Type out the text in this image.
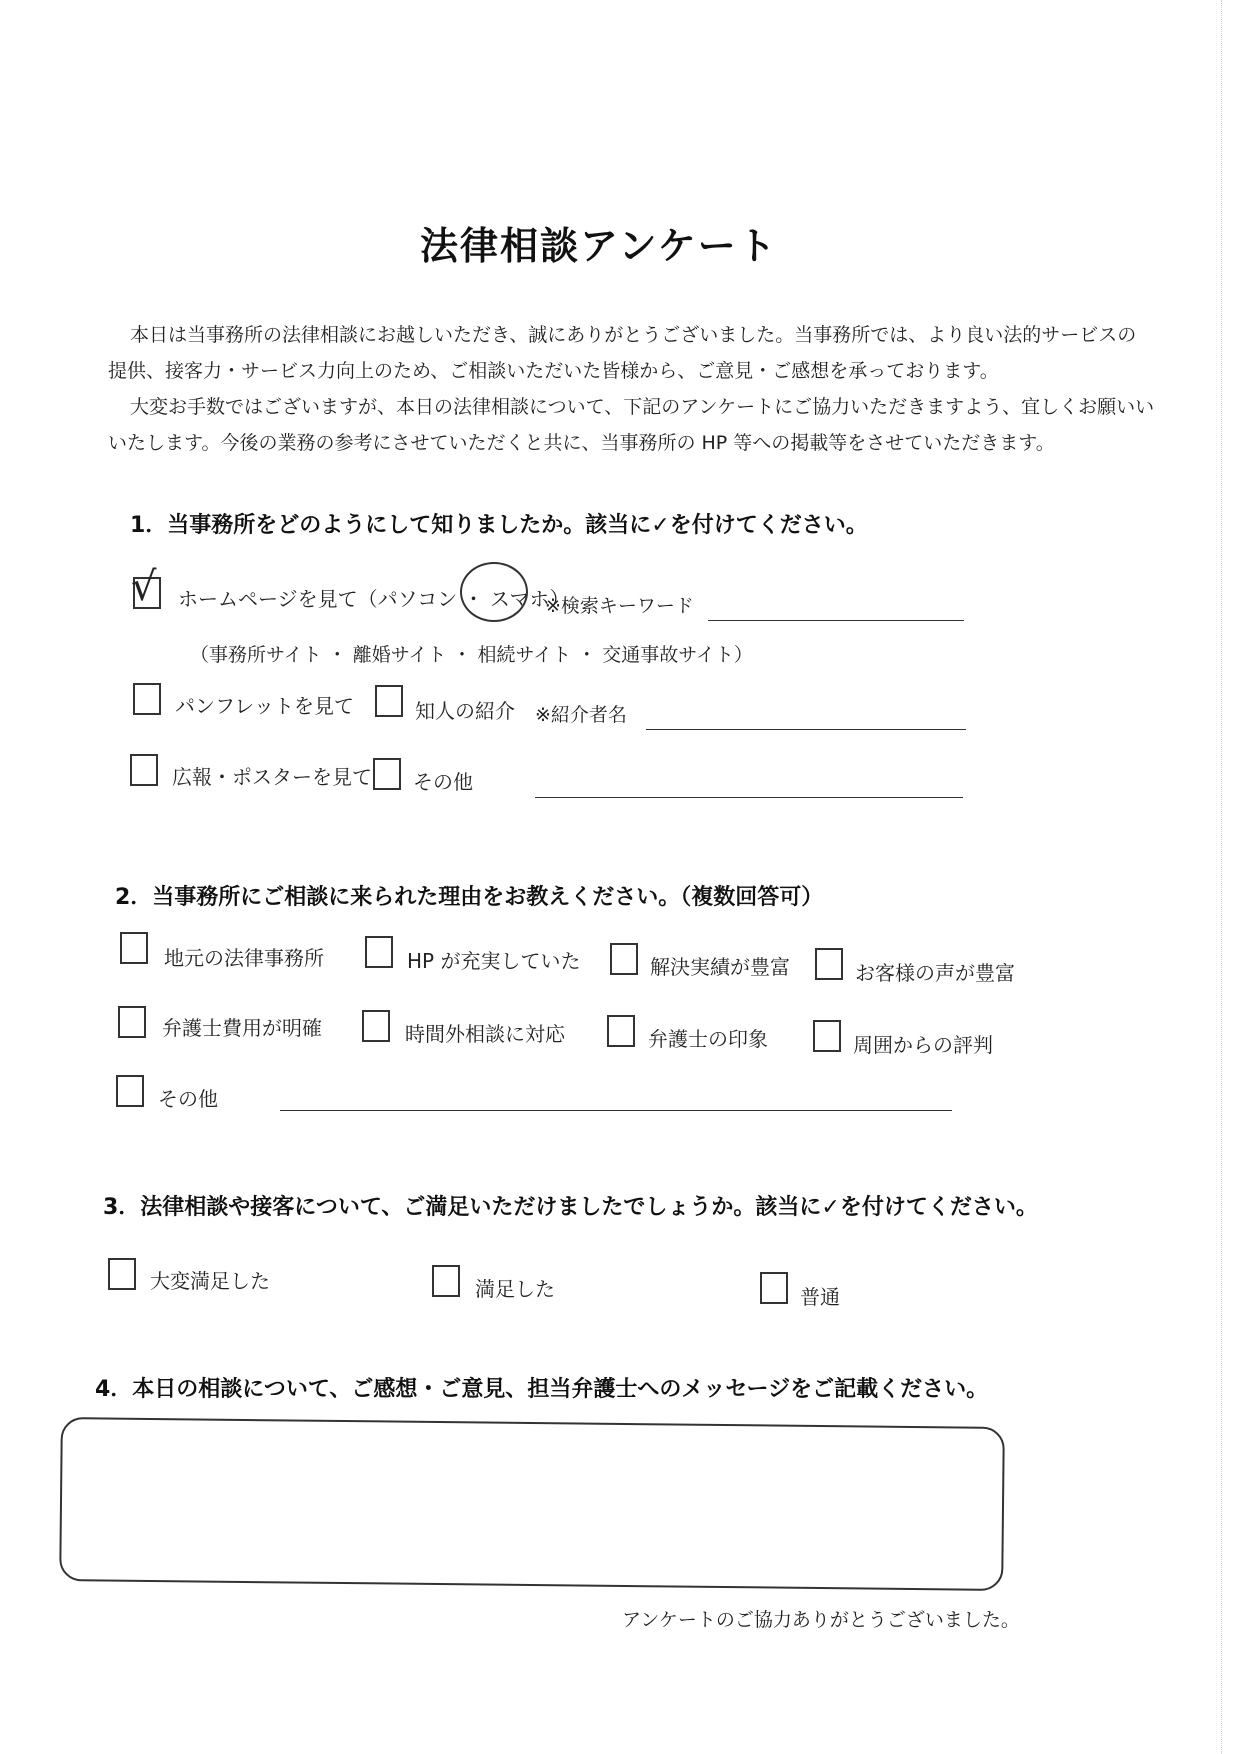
法律相談アンケート
本日は当事務所の法律相談にお越しいただき、誠にありがとうございました。当事務所では、より良い法的サービスの
提供、接客力・サービス力向上のため、ご相談いただいた皆様から、ご意見・ご感想を承っております。
大変お手数ではございますが、本日の法律相談について、下記のアンケートにご協力いただきますよう、宜しくお願いい
いたします。今後の業務の参考にさせていただくと共に、当事務所の HP 等への掲載等をさせていただきます。
1．当事務所をどのようにして知りましたか。該当に✓を付けてください。
√ ホームページを見て（パソコン ・ スマホ）
※検索キーワード
（事務所サイト ・ 離婚サイト ・ 相続サイト ・ 交通事故サイト）
パンフレットを見て	知人の紹介 ※紹介者名
広報・ポスターを見て その他
2．当事務所にご相談に来られた理由をお教えください。（複数回答可）
地元の法律事務所	HP が充実していた	解決実績が豊富	お客様の声が豊富
弁護士費用が明確	時間外相談に対応	弁護士の印象	周囲からの評判
その他
3．法律相談や接客について、ご満足いただけましたでしょうか。該当に✓を付けてください。
大変満足した	満足した	普通
4．本日の相談について、ご感想・ご意見、担当弁護士へのメッセージをご記載ください。
アンケートのご協力ありがとうございました。
